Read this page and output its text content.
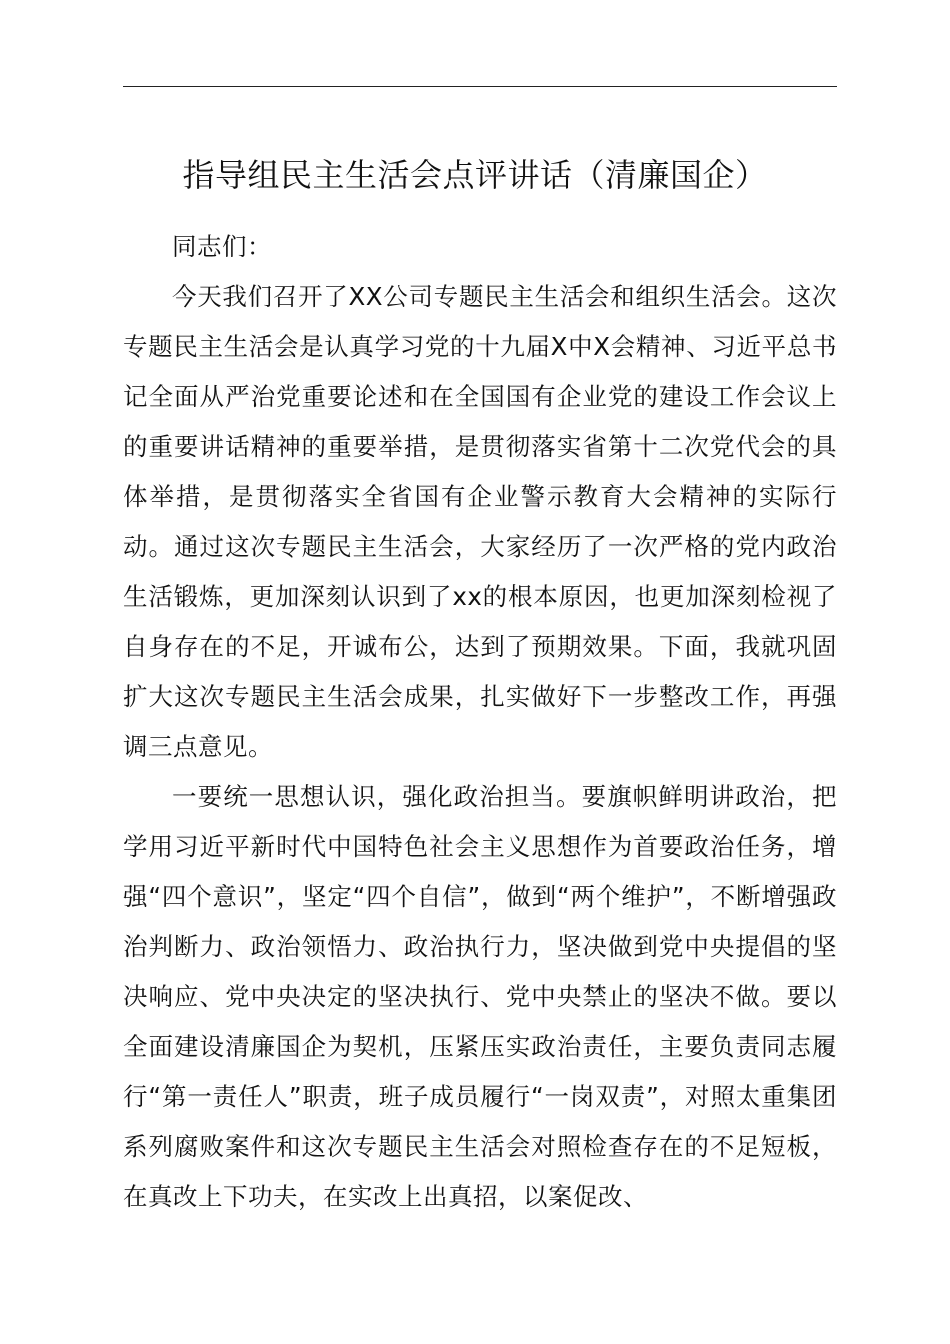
指导组民主生活会点评讲话（清廉国企）

同志们：

今天我们召开了XX公司专题民主生活会和组织生活会。这次专题民主生活会是认真学习党的十九届X中X会精神、习近平总书记全面从严治党重要论述和在全国国有企业党的建设工作会议上的重要讲话精神的重要举措，是贯彻落实省第十二次党代会的具体举措，是贯彻落实全省国有企业警示教育大会精神的实际行动。通过这次专题民主生活会，大家经历了一次严格的党内政治生活锻炼，更加深刻认识到了xx的根本原因，也更加深刻检视了自身存在的不足，开诚布公，达到了预期效果。下面，我就巩固扩大这次专题民主生活会成果，扎实做好下一步整改工作，再强调三点意见。

一要统一思想认识，强化政治担当。要旗帜鲜明讲政治，把学用习近平新时代中国特色社会主义思想作为首要政治任务，增强“四个意识”，坚定“四个自信”，做到“两个维护”，不断增强政治判断力、政治领悟力、政治执行力，坚决做到党中央提倡的坚决响应、党中央决定的坚决执行、党中央禁止的坚决不做。要以全面建设清廉国企为契机，压紧压实政治责任，主要负责同志履行“第一责任人”职责，班子成员履行“一岗双责”，对照太重集团系列腐败案件和这次专题民主生活会对照检查存在的不足短板，在真改上下功夫，在实改上出真招，以案促改、
